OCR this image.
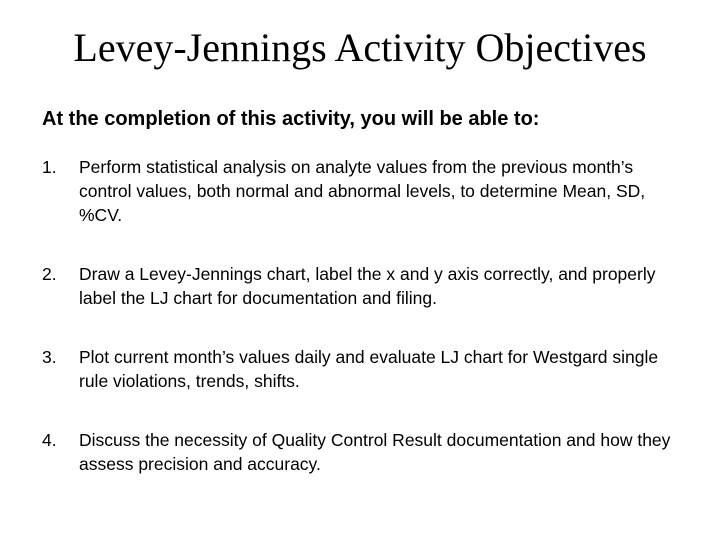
Levey-Jennings Activity Objectives

At the completion of this activity, you will be able to:

1. Perform statistical analysis on analyte values from the previous month’s control values, both normal and abnormal levels, to determine Mean, SD, %CV.
2. Draw a Levey-Jennings chart, label the x and y axis correctly, and properly label the LJ chart for documentation and filing.
3. Plot current month’s values daily and evaluate LJ chart for Westgard single rule violations, trends, shifts.
4. Discuss the necessity of Quality Control Result documentation and how they assess precision and accuracy.
